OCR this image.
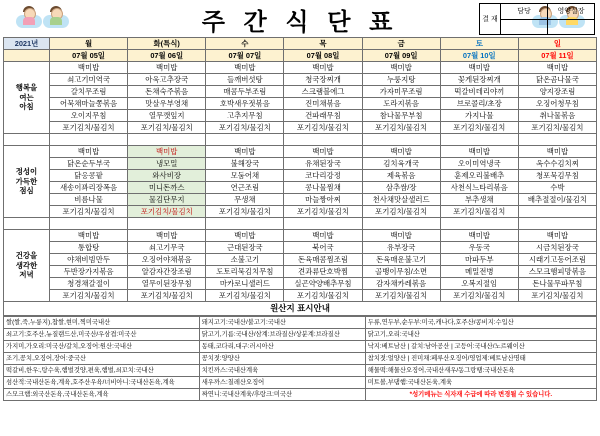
주 간 식 단 표	결 재	담당	영양실장

2021년	월	화(특식)	수	목	금	토	일
	07월 05일	07월 06일	07월 07일	07월 08일	07월 09일	07월 10일	07월 11일
행복을
여는
아침	백미밥	백미밥	백미밥	백미밥	백미밥	백미밥	백미밥
	쇠고기미역국	아욱고추장국	들깨버섯탕	청국장찌개	누룽지탕	꽃게된장찌개	닭온곰나물국
	갈치무조림	돈채숙주볶음	매콤두부조림	스크램블에그	가자미무조림	떡갈비데리야끼	양지장조림
	어묵채마늘쫑볶음	맛살우부영채	호박새우젓볶음	진미채볶음	도라지볶음	브로콜리/초장	오징어청무침
	오이지무침	열무깻잎지	고추지무침	건파래무침	참나물무부침	가지나물	취나물볶음
	포기김치/물김치	포기김치/물김치	포기김치/물김치	포기김치/물김치	포기김치/물김치	포기김치/물김치	포기김치/물김치

정성이
가득한
점심	백미밥	백미밥	백미밥	백미밥	백미밥	백미밥	백미밥
	닭온순두부국	냉모밀	불해장국	유채된장국	김치육개국	오이미역냉국	옥수수김치찌
	닭옹콩팥	와사비장	모둠어채	코다리강정	제육볶음	훈제오리불배추	청포묵김무침
	새송이꽈리장폭음	미니돈까스	연근조림	콩나물찜채	삼추쌈/장	사천식느타리볶음	수박
	비름나물	물김단무지	무생채	마늘짱아찌	천사채맛살샐러드	부추생채	배추절절이/물김치
	포기김치/물김치	포기김치/물김치	포기김치/물김치	포기김치/물김치	포기김치/물김치	포기김치/물김치	

건강을
생각한
저녁	백미밥	백미밥	백미밥	백미밥	백미밥	백미밥	백미밥
	통합탕	쇠고기무국	근대된장국	북어국	유부장국	우동국	시금치된장국
	야채비빔만두	오징어야채볶음	소불고기	돈육매콤찜조림	돈육매운불고기	마파두부	시래기고동어조림
	두반장가지볶음	알감자간장조림	도토리묵김치무침	견과류단호박찜	골뱅이무침/소면	메밀전병	스모크햄피망볶음
	청경채갈절이	열무이된장무침	마카로니샐러드	실곤약양배추무침	감자채카레볶음	오복지절임	돈나물무파무침
	포기김치/물김치	포기김치/물김치	포기김치/물김치	포기김치/물김치	포기김치/물김치	포기김치/물김치	포기김치/물김치
원산지 표시안내
쌀(쌀,죽,누룽지),찹쌀,현미,찍미국내산	돼지고기:국내산/불고기:국내산	두류,연두부,순두부:미국,캐나다,호주산/콩비지:수입산
쇠고기:호주산,뉴질랜드산,미국산/우삼겹:미국산	닭고기,기름:국내산/삼계:브라질산/상분계:브라질산	닭고기,오리:국내산
가지미,가오리:미국산/갈치,오징어:원산:국내산	동태,코다리,대구:러시아산	낙지:베트남산 | 갈치:남아공산 | 고등어:국내산/노르웨이산
조기,꽁치,오징어,장어:중국산	꽁치젓:양양산	참치젓:얼양산 | 진미채:페루산오징어/영업제:베트남산명태
떡갈비,한우:,탕수육,햄벌것양,편육,햄벌,쇠꼬치:국내산	치킨까스:국내산계육	해물떡:해물산오징어,국내산새우/동그랑땡:국내산돈육
섬산적:국내산돈육,계육,호주산우육/너비아니:국내산돈육,계육	새우까스:칠레산오징어	미트볼,부댐햄:국내산돈육,계육
스모크햄:외국산돈육,국내산돈육,계육	짜연니:국내산계육/후랑크:미국산	*성기메뉴는 식자재 수급에 따라 변경될 수 있습니다.
